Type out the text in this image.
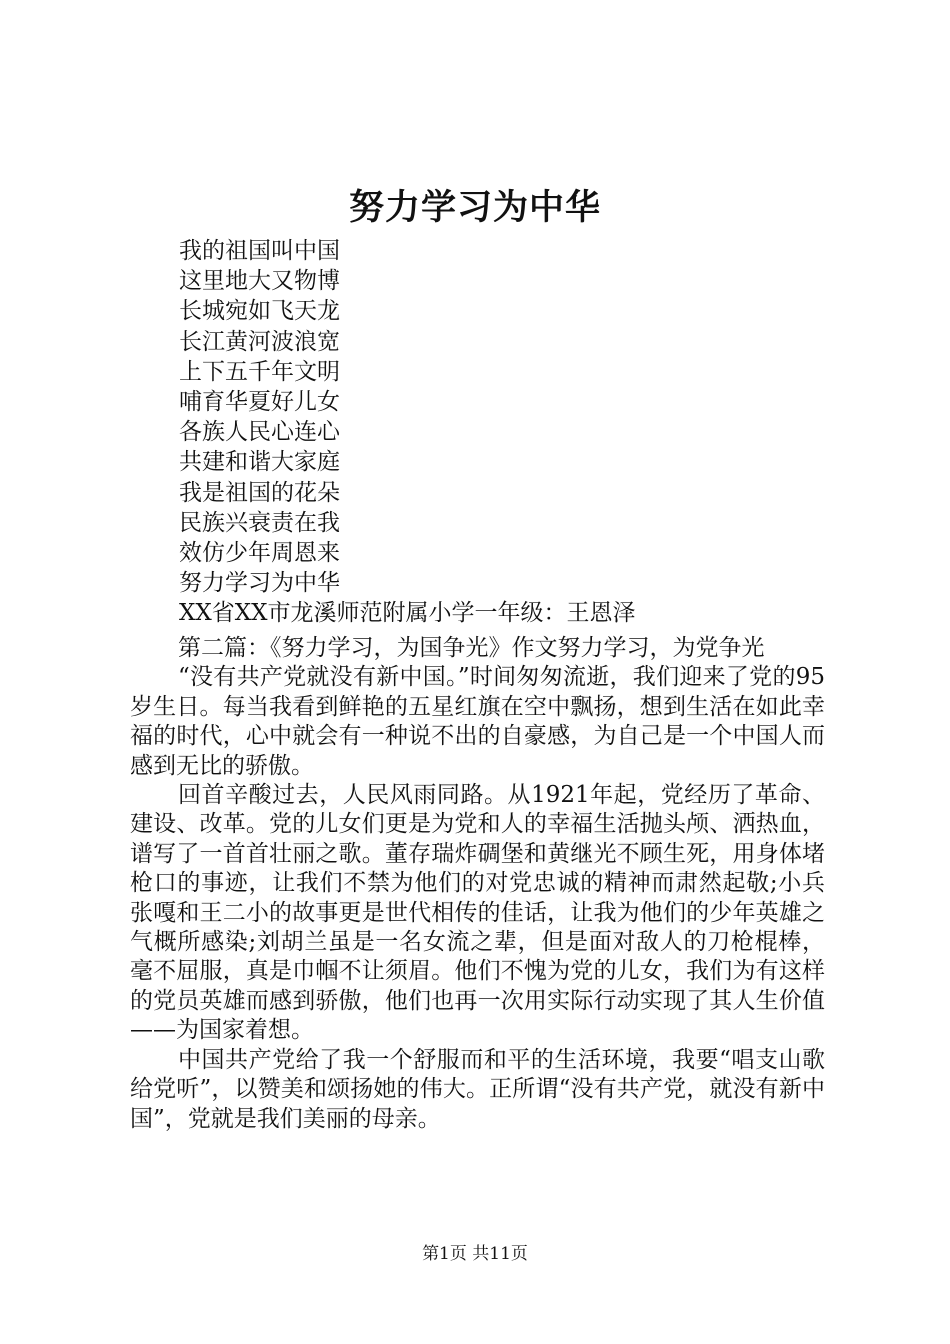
努力学习为中华
我的祖国叫中国
这里地大又物博
长城宛如飞天龙
长江黄河波浪宽
上下五千年文明
哺育华夏好儿女
各族人民心连心
共建和谐大家庭
我是祖国的花朵
民族兴衰责在我
效仿少年周恩来
努力学习为中华
XX省XX市龙溪师范附属小学一年级：王恩泽

第二篇：《努力学习，为国争光》作文努力学习，为党争光

“没有共产党就没有新中国。”时间匆匆流逝，我们迎来了党的95岁生日。每当我看到鲜艳的五星红旗在空中飘扬，想到生活在如此幸福的时代，心中就会有一种说不出的自豪感，为自己是一个中国人而感到无比的骄傲。

回首辛酸过去，人民风雨同路。从1921年起，党经历了革命、建设、改革。党的儿女们更是为党和人的幸福生活抛头颅、洒热血，谱写了一首首壮丽之歌。董存瑞炸碉堡和黄继光不顾生死，用身体堵枪口的事迹，让我们不禁为他们的对党忠诚的精神而肃然起敬;小兵张嘎和王二小的故事更是世代相传的佳话，让我为他们的少年英雄之气概所感染;刘胡兰虽是一名女流之辈，但是面对敌人的刀枪棍棒，毫不屈服，真是巾帼不让须眉。他们不愧为党的儿女，我们为有这样的党员英雄而感到骄傲，他们也再一次用实际行动实现了其人生价值——为国家着想。

中国共产党给了我一个舒服而和平的生活环境，我要“唱支山歌给党听”，以赞美和颂扬她的伟大。正所谓“没有共产党，就没有新中国”，党就是我们美丽的母亲。

第1页 共11页
